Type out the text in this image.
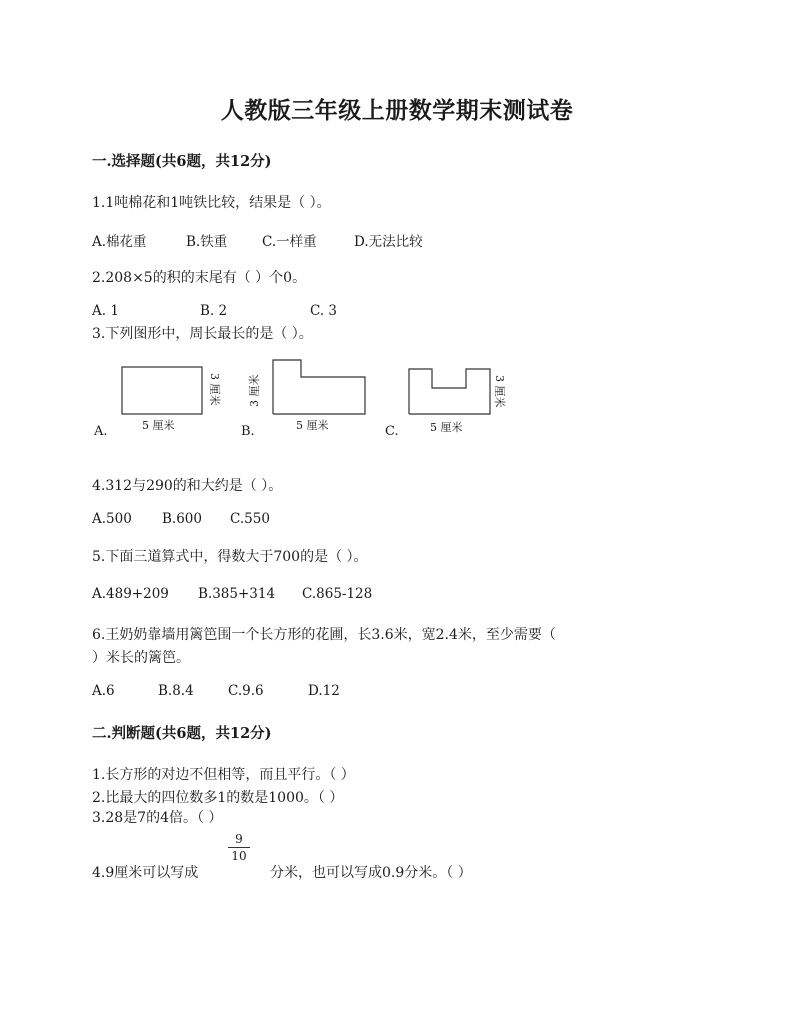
人教版三年级上册数学期末测试卷
一.选择题(共6题，共12分)
1.1吨棉花和1吨铁比较，结果是（ ）。
A.棉花重	B.铁重	C.一样重	D.无法比较
2.208×5的积的末尾有（ ）个0。
A. 1	B. 2	C. 3
3.下列图形中，周长最长的是（ ）。
A.	5 厘米
3 厘米
B.	5 厘米
3 厘米
C.	5 厘米
3 厘米
4.312与290的和大约是（ ）。
A.500 B.600 C.550
5.下面三道算式中，得数大于700的是（ ）。
A.489+209 B.385+314 C.865-128
6.王奶奶靠墙用篱笆围一个长方形的花圃，长3.6米，宽2.4米，至少需要（
）米长的篱笆。
A.6	B.8.4	C.9.6	D.12
二.判断题(共6题，共12分)
1.长方形的对边不但相等，而且平行。（ ）
2.比最大的四位数多1的数是1000。（ ）
3.28是7的4倍。（ ）
4.9厘米可以写成
9
10
分米，也可以写成0.9分米。（ ）
